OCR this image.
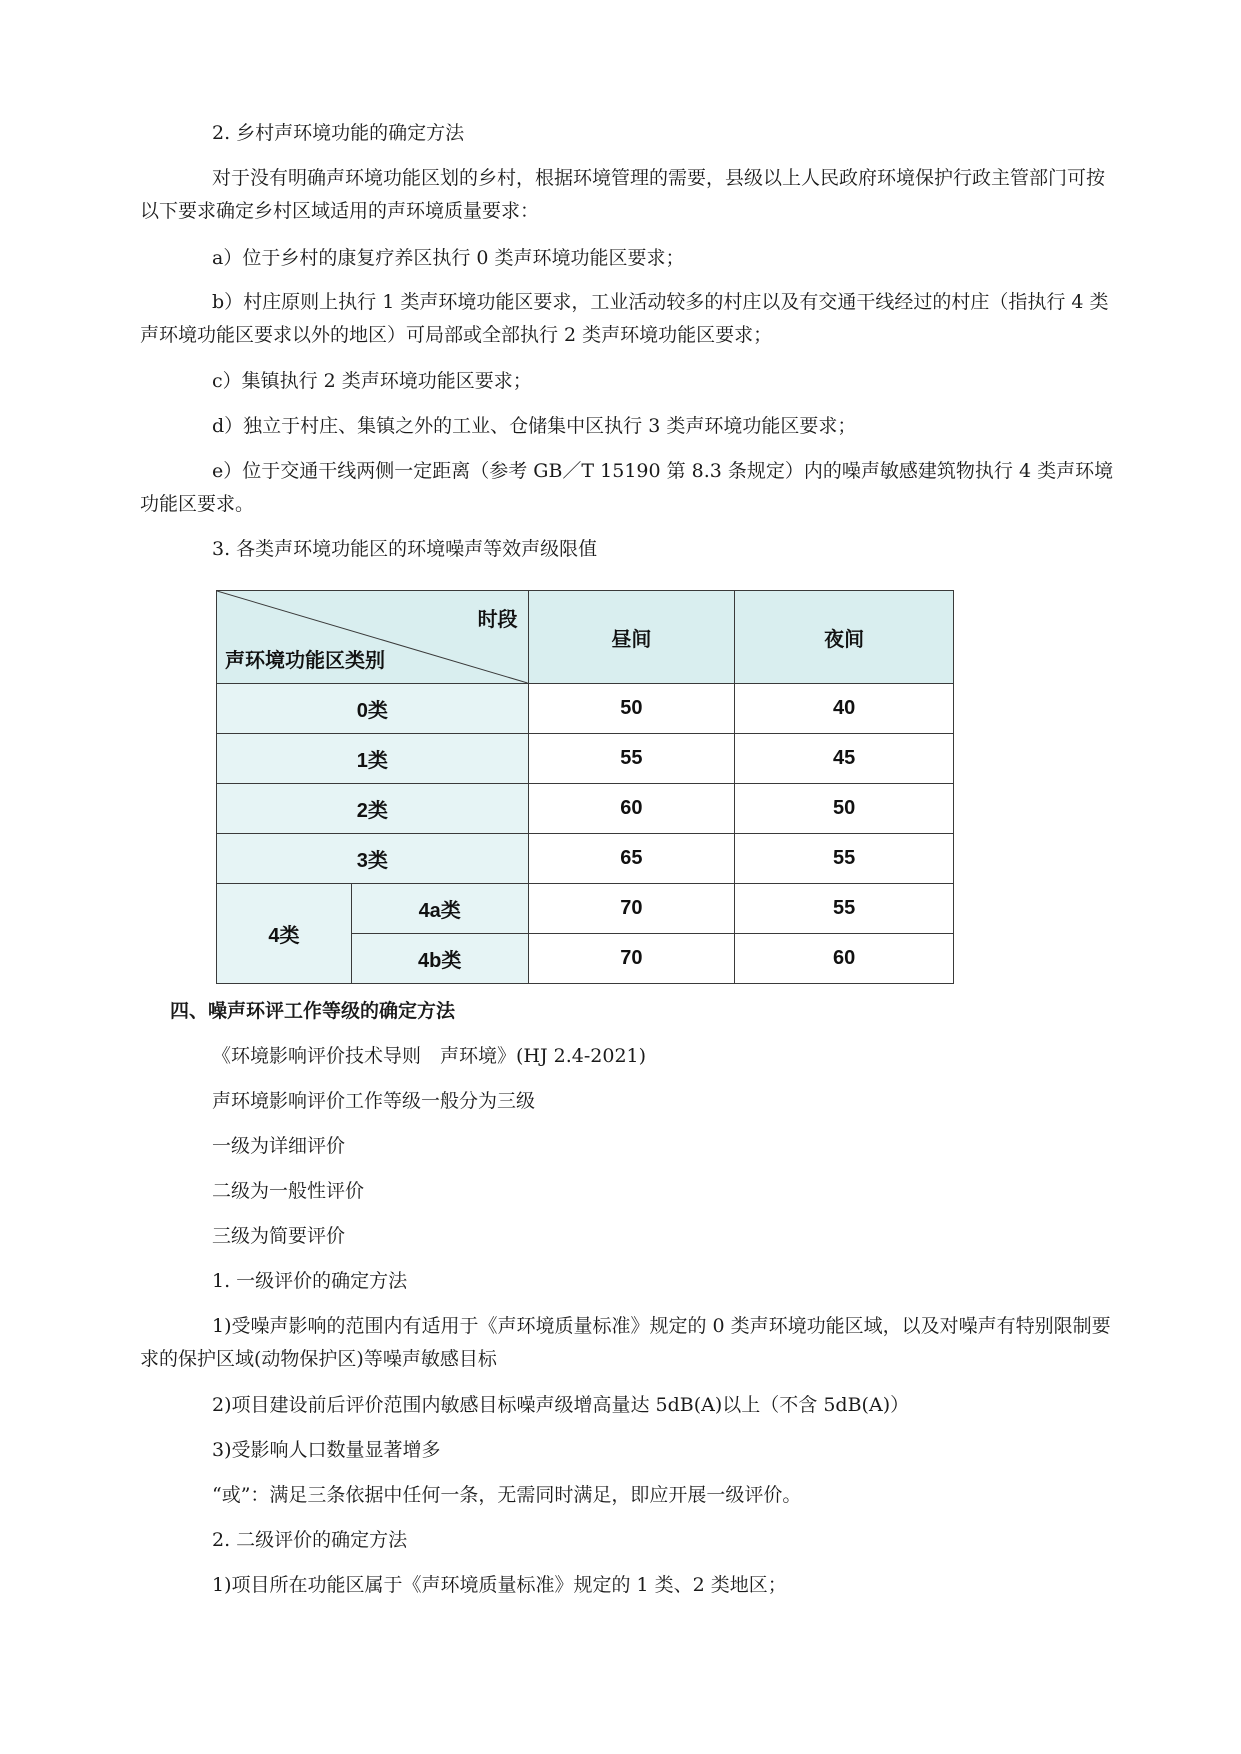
2. 乡村声环境功能的确定方法

对于没有明确声环境功能区划的乡村，根据环境管理的需要，县级以上人民政府环境保护行政主管部门可按以下要求确定乡村区域适用的声环境质量要求：

a）位于乡村的康复疗养区执行 0 类声环境功能区要求；

b）村庄原则上执行 1 类声环境功能区要求，工业活动较多的村庄以及有交通干线经过的村庄（指执行 4 类声环境功能区要求以外的地区）可局部或全部执行 2 类声环境功能区要求；

c）集镇执行 2 类声环境功能区要求；

d）独立于村庄、集镇之外的工业、仓储集中区执行 3 类声环境功能区要求；

e）位于交通干线两侧一定距离（参考 GB／T 15190 第 8.3 条规定）内的噪声敏感建筑物执行 4 类声环境功能区要求。

3. 各类声环境功能区的环境噪声等效声级限值

时段
声环境功能区类别		昼间	夜间
0类		50	40
1类		55	45
2类		60	50
3类		65	55
4类	4a类	70	55
	4b类	70	60

四、噪声环评工作等级的确定方法

《环境影响评价技术导则　声环境》(HJ 2.4-2021)

声环境影响评价工作等级一般分为三级

一级为详细评价

二级为一般性评价

三级为简要评价

1. 一级评价的确定方法

1)受噪声影响的范围内有适用于《声环境质量标准》规定的 0 类声环境功能区域，以及对噪声有特别限制要求的保护区域(动物保护区)等噪声敏感目标

2)项目建设前后评价范围内敏感目标噪声级增高量达 5dB(A)以上（不含 5dB(A)）

3)受影响人口数量显著增多

“或”：满足三条依据中任何一条，无需同时满足，即应开展一级评价。

2. 二级评价的确定方法

1)项目所在功能区属于《声环境质量标准》规定的 1 类、2 类地区；
